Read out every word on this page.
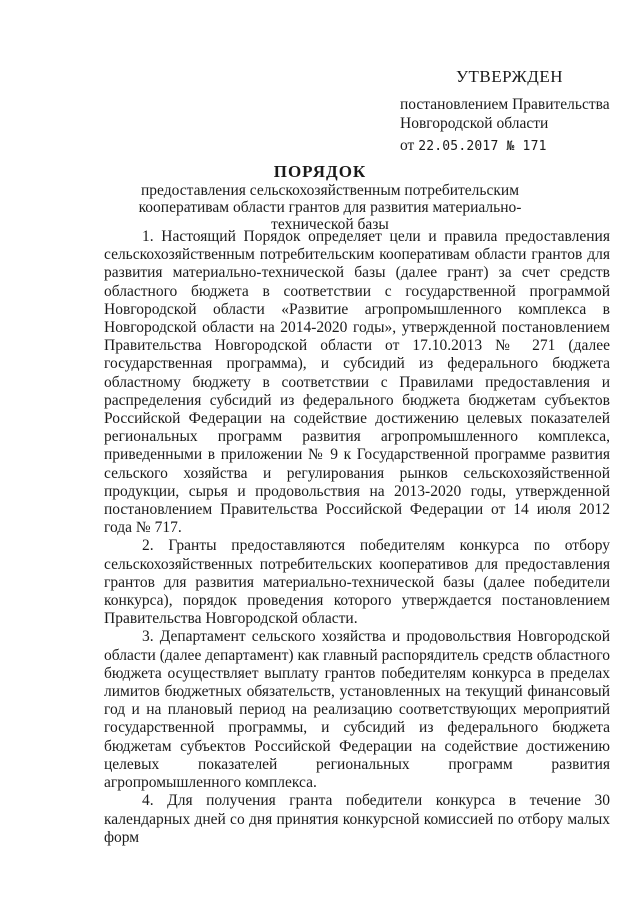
УТВЕРЖДЕН
постановлением Правительства
Новгородской области
от 22.05.2017 № 171
ПОРЯДОК
предоставления сельскохозяйственным потребительским кооперативам области грантов для развития материально-технической базы

1. Настоящий Порядок определяет цели и правила предоставления сельскохозяйственным потребительским кооперативам области грантов для развития материально-технической базы (далее грант) за счет средств областного бюджета в соответствии с государственной программой Новгородской области «Развитие агропромышленного комплекса в Новгородской области на 2014-2020 годы», утвержденной постановлением Правительства Новгородской области от 17.10.2013 № 271 (далее государственная программа), и субсидий из федерального бюджета областному бюджету в соответствии с Правилами предоставления и распределения субсидий из федерального бюджета бюджетам субъектов Российской Федерации на содействие достижению целевых показателей региональных программ развития агропромышленного комплекса, приведенными в приложении № 9 к Государственной программе развития сельского хозяйства и регулирования рынков сельскохозяйственной продукции, сырья и продовольствия на 2013-2020 годы, утвержденной постановлением Правительства Российской Федерации от 14 июля 2012 года № 717.

2. Гранты предоставляются победителям конкурса по отбору сельскохозяйственных потребительских кооперативов для предоставления грантов для развития материально-технической базы (далее победители конкурса), порядок проведения которого утверждается постановлением Правительства Новгородской области.

3. Департамент сельского хозяйства и продовольствия Новгородской области (далее департамент) как главный распорядитель средств областного бюджета осуществляет выплату грантов победителям конкурса в пределах лимитов бюджетных обязательств, установленных на текущий финансовый год и на плановый период на реализацию соответствующих мероприятий государственной программы, и субсидий из федерального бюджета бюджетам субъектов Российской Федерации на содействие достижению целевых показателей региональных программ развития агропромышленного комплекса.

4. Для получения гранта победители конкурса в течение 30 календарных дней со дня принятия конкурсной комиссией по отбору малых форм
